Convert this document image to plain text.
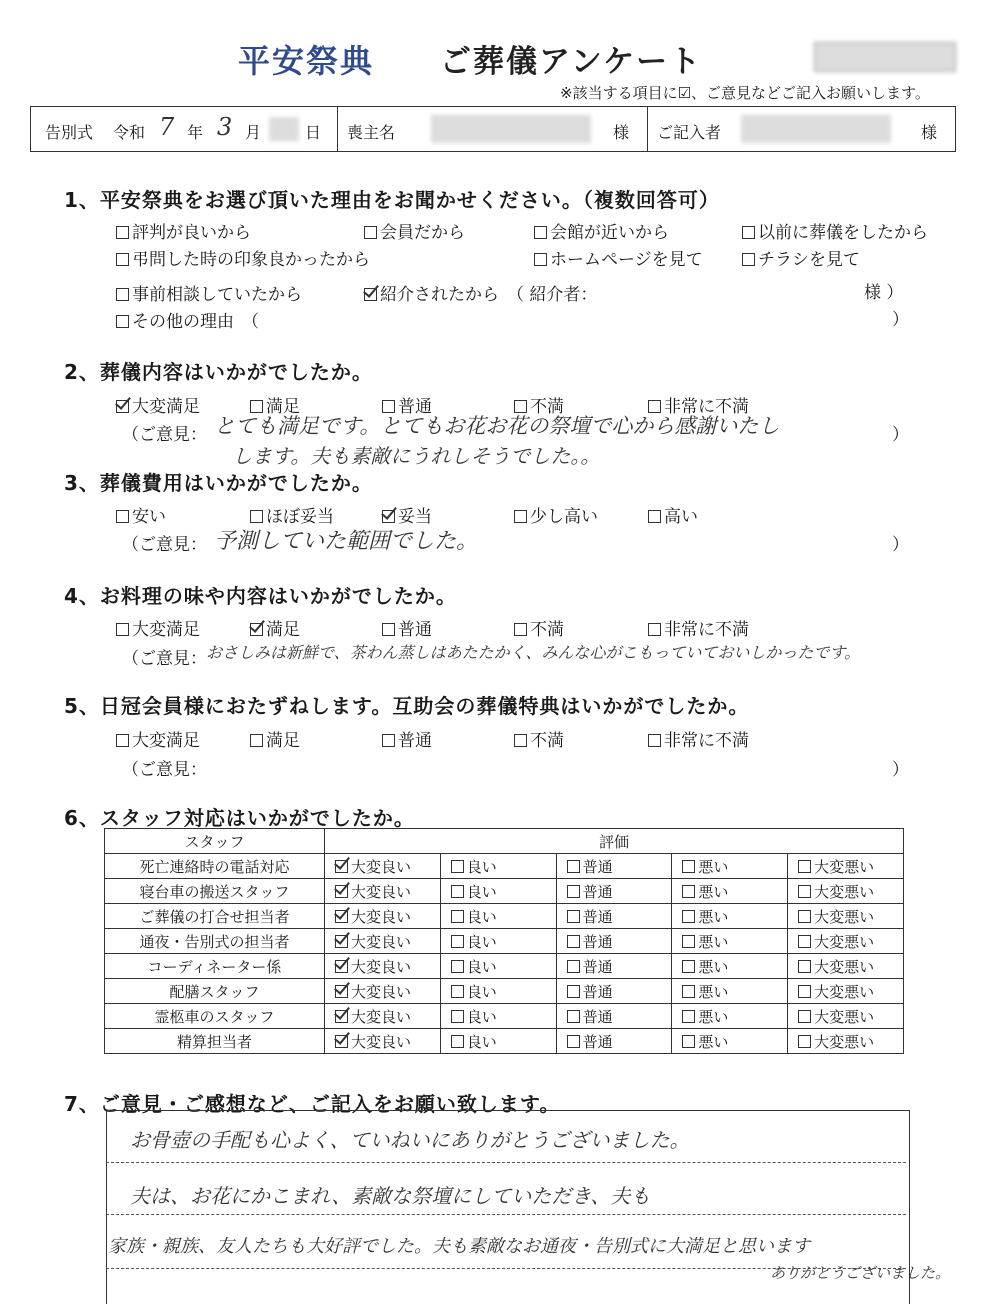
平安祭典 ご葬儀アンケート
※該当する項目に☑、ご意見などご記入お願いします。
告別式 令和 7 年 3 月	日 喪主名	様 ご記入者	様
1、平安祭典をお選び頂いた理由をお聞かせください。（複数回答可）
評判が良いから	会員だから	会館が近いから	以前に葬儀をしたから
弔問した時の印象良かったから	ホームページを見て	チラシを見て
事前相談していたから	紹介されたから （ 紹介者：	様 ）
その他の理由 （	）
2、葬儀内容はいかがでしたか。
大変満足	満足	普通	不満	非常に不満
（ご意見： とても満足です。とてもお花お花の祭壇で心から感謝いたし
します。夫も素敵にうれしそうでした。。
）
3、葬儀費用はいかがでしたか。
安い	ほぼ妥当	妥当	少し高い	高い
（ご意見： 予測していた範囲でした。	）
4、お料理の味や内容はいかがでしたか。
大変満足	満足	普通	不満	非常に不満
（ご意見： おさしみは新鮮で、茶わん蒸しはあたたかく、みんな心がこもっていておいしかったです。
5、日冠会員様におたずねします。互助会の葬儀特典はいかがでしたか。
大変満足	満足	普通	不満	非常に不満
（ご意見：	）
6、スタッフ対応はいかがでしたか。
スタッフ	評価				
死亡連絡時の電話対応	大変良い	良い	普通	悪い	大変悪い
寝台車の搬送スタッフ	大変良い	良い	普通	悪い	大変悪い
ご葬儀の打合せ担当者	大変良い	良い	普通	悪い	大変悪い
通夜・告別式の担当者	大変良い	良い	普通	悪い	大変悪い
コーディネーター係	大変良い	良い	普通	悪い	大変悪い
配膳スタッフ	大変良い	良い	普通	悪い	大変悪い
霊柩車のスタッフ	大変良い	良い	普通	悪い	大変悪い
精算担当者	大変良い	良い	普通	悪い	大変悪い
7、ご意見・ご感想など、ご記入をお願い致します。
お骨壺の手配も心よく、ていねいにありがとうございました。
夫は、お花にかこまれ、素敵な祭壇にしていただき、夫も
家族・親族、友人たちも大好評でした。夫も素敵なお通夜・告別式に大満足と思います
ありがとうございました。
